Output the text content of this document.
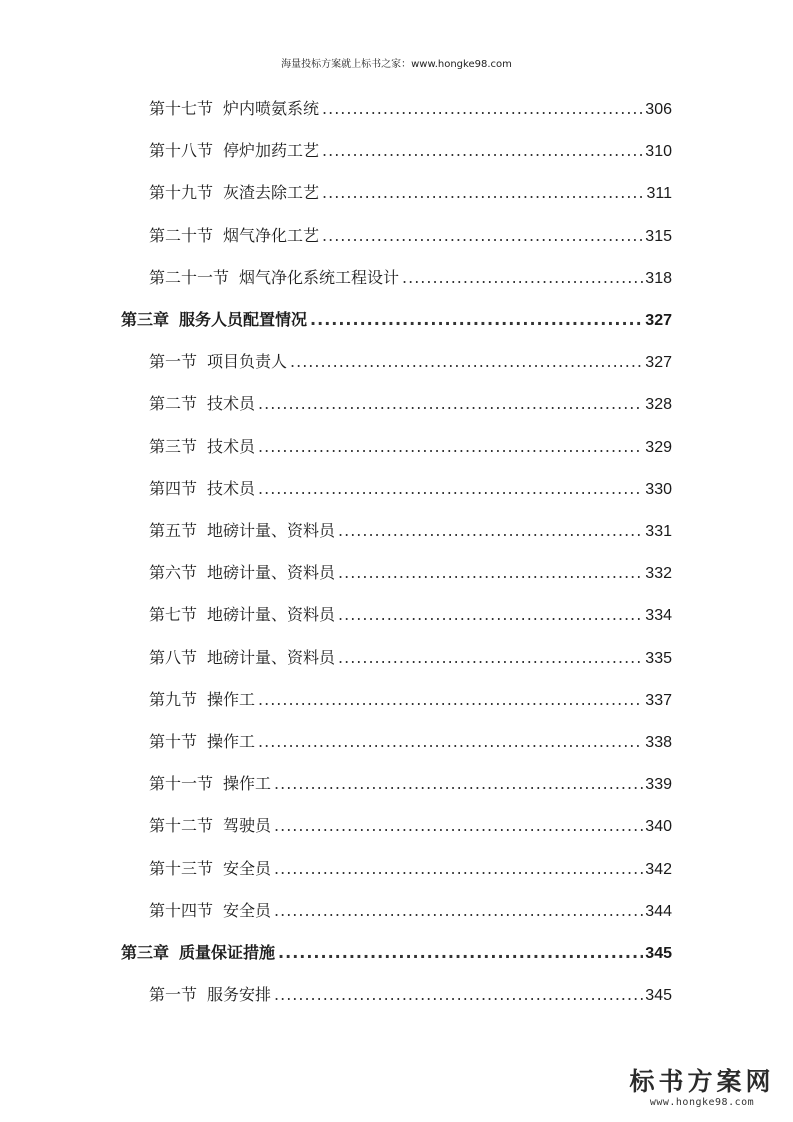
海量投标方案就上标书之家：www.hongke98.com
第十七节 炉内喷氨系统 .....	306
第十八节 停炉加药工艺 .....	310
第十九节 灰渣去除工艺 .....	311
第二十节 烟气净化工艺 .....	315
第二十一节 烟气净化系统工程设计 .....	318
第三章 服务人员配置情况 .....	327
第一节 项目负责人 .....	327
第二节 技术员 .....	328
第三节 技术员 .....	329
第四节 技术员 .....	330
第五节 地磅计量、资料员 .....	331
第六节 地磅计量、资料员 .....	332
第七节 地磅计量、资料员 .....	334
第八节 地磅计量、资料员 .....	335
第九节 操作工 .....	337
第十节 操作工 .....	338
第十一节 操作工 .....	339
第十二节 驾驶员 .....	340
第十三节 安全员 .....	342
第十四节 安全员 .....	344
第三章 质量保证措施 .....	345
第一节 服务安排 .....	345
标书方案网
www.hongke98.com
